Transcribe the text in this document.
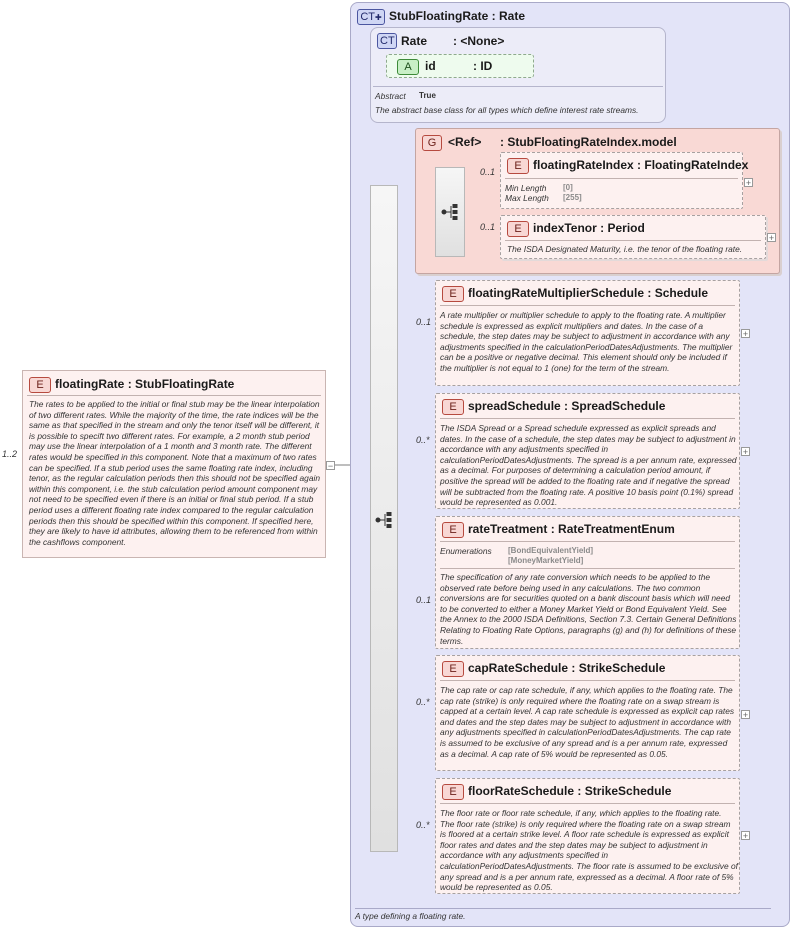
1..2
E floatingRate : StubFloatingRate
The rates to be applied to the initial or final stub may be the linear interpolation of two different rates. While the majority of the time, the rate indices will be the same as that specified in the stream and only the tenor itself will be different, it is possible to specift two different rates. For example, a 2 month stub period may use the linear interpolation of a 1 month and 3 month rate. The different rates would be specified in this component. Note that a maximum of two rates can be specified. If a stub period uses the same floating rate index, including tenor, as the regular calculation periods then this should not be specified again within this component, i.e. the stub calculation period amount component may not need to be specified even if there is an initial or final stub period. If a stub period uses a different floating rate index compared to the regular calculation periods then this should be specified within this component. If specified here, they are likely to have id attributes, allowing them to be referenced from within the cashflows component.
−
CT✚ StubFloatingRate : Rate
A type defining a floating rate.
CT Rate : <None>
Abstract True
The abstract base class for all types which define interest rate streams.
A	id	: ID
G <Ref> : StubFloatingRateIndex.model
0..1	E floatingRateIndex : FloatingRateIndex
Min Length [0]
Max Length [255]
+
0..1	E indexTenor : Period
The ISDA Designated Maturity, i.e. the tenor of the floating rate.
+
0..1
E floatingRateMultiplierSchedule : Schedule
A rate multiplier or multiplier schedule to apply to the floating rate. A multiplier schedule is expressed as explicit multipliers and dates. In the case of a schedule, the step dates may be subject to adjustment in accordance with any adjustments specified in the calculationPeriodDatesAdjustments. The multiplier can be a positive or negative decimal. This element should only be included if the multiplier is not equal to 1 (one) for the term of the stream.
+
0..*
E spreadSchedule : SpreadSchedule
The ISDA Spread or a Spread schedule expressed as explicit spreads and dates. In the case of a schedule, the step dates may be subject to adjustment in accordance with any adjustments specified in calculationPeriodDatesAdjustments. The spread is a per annum rate, expressed as a decimal. For purposes of determining a calculation period amount, if positive the spread will be added to the floating rate and if negative the spread will be subtracted from the floating rate. A positive 10 basis point (0.1%) spread would be represented as 0.001.
+
0..1
E rateTreatment : RateTreatmentEnum
Enumerations [BondEquivalentYield]
[MoneyMarketYield]
The specification of any rate conversion which needs to be applied to the observed rate before being used in any calculations. The two common conversions are for securities quoted on a bank discount basis which will need to be converted to either a Money Market Yield or Bond Equivalent Yield. See the Annex to the 2000 ISDA Definitions, Section 7.3. Certain General Definitions Relating to Floating Rate Options, paragraphs (g) and (h) for definitions of these terms.
0..*
E capRateSchedule : StrikeSchedule
The cap rate or cap rate schedule, if any, which applies to the floating rate. The cap rate (strike) is only required where the floating rate on a swap stream is capped at a certain level. A cap rate schedule is expressed as explicit cap rates and dates and the step dates may be subject to adjustment in accordance with any adjustments specified in calculationPeriodDatesAdjustments. The cap rate is assumed to be exclusive of any spread and is a per annum rate, expressed as a decimal. A cap rate of 5% would be represented as 0.05.
+
0..*
E floorRateSchedule : StrikeSchedule
The floor rate or floor rate schedule, if any, which applies to the floating rate. The floor rate (strike) is only required where the floating rate on a swap stream is floored at a certain strike level. A floor rate schedule is expressed as explicit floor rates and dates and the step dates may be subject to adjustment in accordance with any adjustments specified in calculationPeriodDatesAdjustments. The floor rate is assumed to be exclusive of any spread and is a per annum rate, expressed as a decimal. A floor rate of 5% would be represented as 0.05.
+
